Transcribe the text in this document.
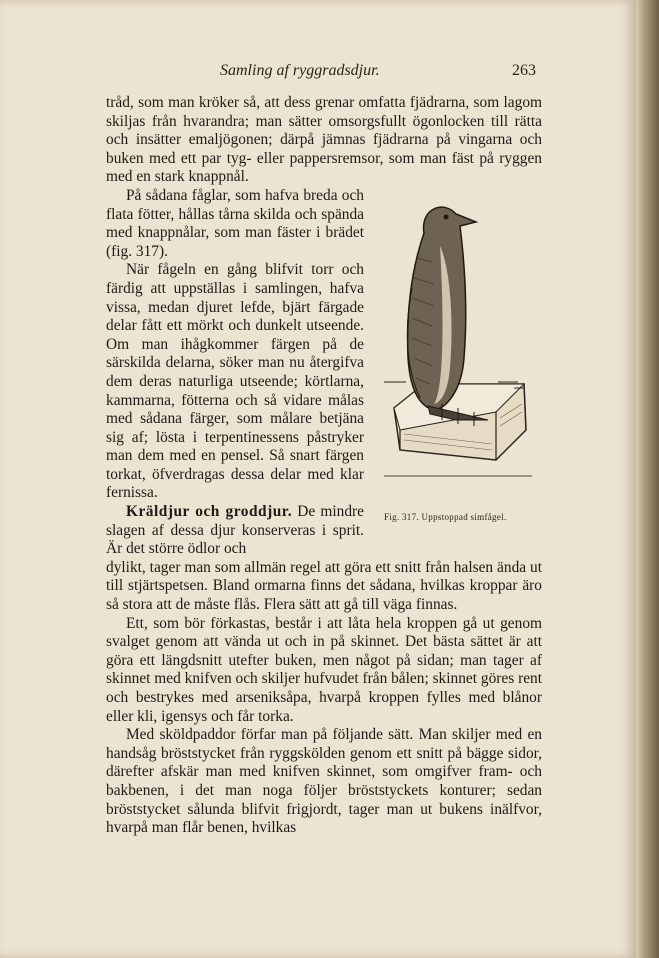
Samling af ryggradsdjur.	263

tråd, som man kröker så, att dess grenar omfatta fjädrarna, som lagom skiljas från hvarandra; man sätter omsorgsfullt ögonlocken till rätta och insätter emaljögonen; därpå jämnas fjädrarna på vingarna och buken med ett par tyg- eller pappersremsor, som man fäst på ryggen med en stark knappnål.

På sådana fåglar, som hafva breda och flata fötter, hållas tårna skilda och spända med knappnålar, som man fäster i brädet (fig. 317).

När fågeln en gång blifvit torr och färdig att uppställas i samlingen, hafva vissa, medan djuret lefde, bjärt färgade delar fått ett mörkt och dunkelt utseende. Om man ihågkommer färgen på de särskilda delarna, söker man nu återgifva dem deras naturliga utseende; körtlarna, kammarna, fötterna och så vidare målas med sådana färger, som målare betjäna sig af; lösta i terpentinessens påstryker man dem med en pensel. Så snart färgen torkat, öfverdragas dessa delar med klar fernissa.

Kräldjur och groddjur. De mindre slagen af dessa djur konserveras i sprit. Är det större ödlor och

dylikt, tager man som allmän regel att göra ett snitt från halsen ända ut till stjärtspetsen. Bland ormarna finns det sådana, hvilkas kroppar äro så stora att de måste flås. Flera sätt att gå till väga finnas.

Ett, som bör förkastas, består i att låta hela kroppen gå ut genom svalget genom att vända ut och in på skinnet. Det bästa sättet är att göra ett längdsnitt utefter buken, men något på sidan; man tager af skinnet med knifven och skiljer hufvudet från bålen; skinnet göres rent och bestrykes med arseniksåpa, hvarpå kroppen fylles med blånor eller kli, igensys och får torka.

Med sköldpaddor förfar man på följande sätt. Man skiljer med en handsåg bröststycket från ryggskölden genom ett snitt på bägge sidor, därefter afskär man med knifven skinnet, som omgifver fram- och bakbenen, i det man noga följer bröststyckets konturer; sedan bröststycket sålunda blifvit frigjordt, tager man ut bukens inälfvor, hvarpå man flår benen, hvilkas

Fig. 317. Uppstoppad simfågel.
